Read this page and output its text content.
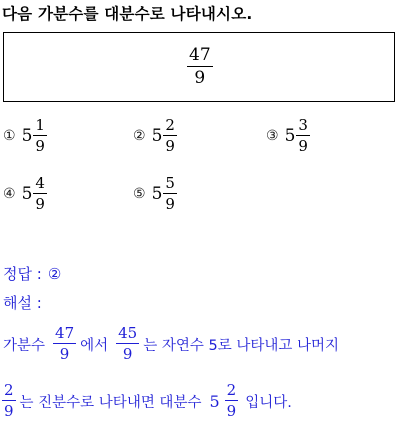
다음 가분수를 대분수로 나타내시오.
$\frac{47}{9}$
① $5 \frac{1}{9}$	② $5 \frac{2}{9}$	③ $5 \frac{3}{9}$
④ $5 \frac{4}{9}$	⑤ $5 \frac{5}{9}$
정답 : ②
해설 :
가분수 $\frac{47}{9}$ 에서 $\frac{45}{9}$ 는 자연수 5로 나타내고 나머지
$\frac{2}{9}$ 는 진분수로 나타내면 대분수 $5 \frac{2}{9}$ 입니다.
